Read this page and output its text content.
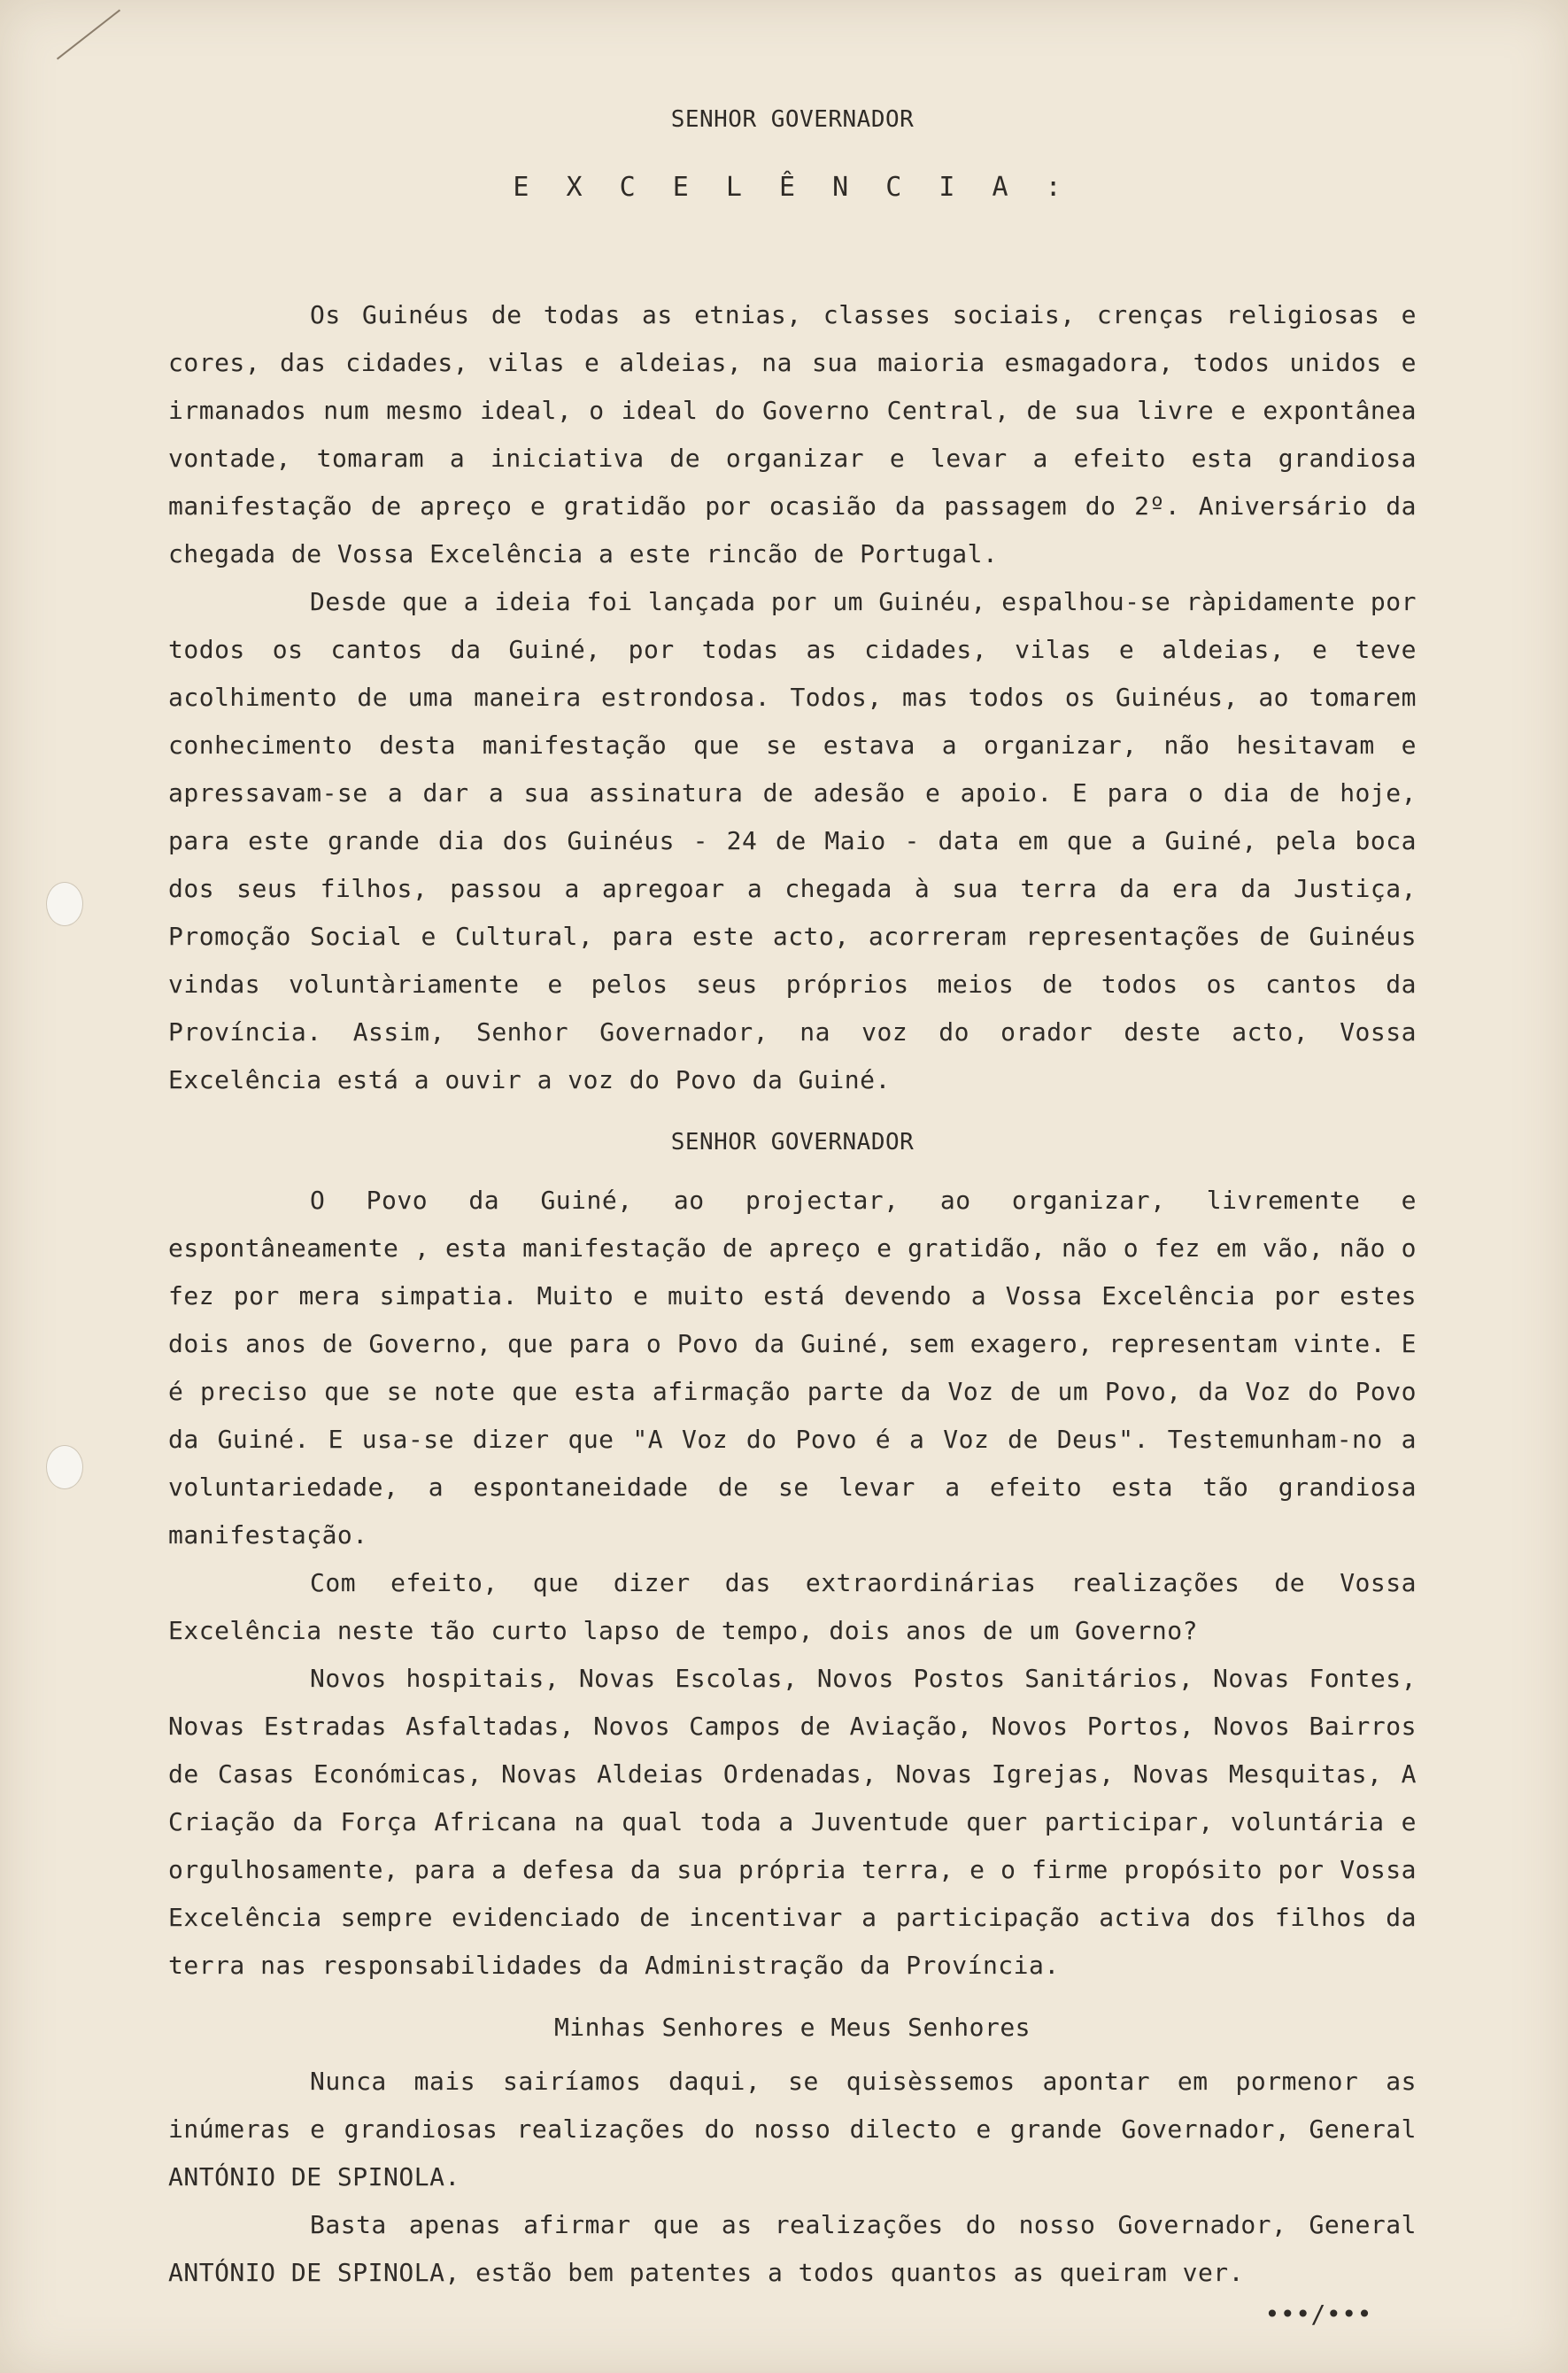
SENHOR GOVERNADOR

E X C E L Ê N C I A :

Os Guinéus de todas as etnias, classes sociais, crenças religiosas e cores, das cidades, vilas e aldeias, na sua maioria esmagadora, todos unidos e irmanados num mesmo ideal, o ideal do Governo Central, de sua livre e expontânea vontade, tomaram a iniciativa de organizar e levar a efeito esta grandiosa manifestação de apreço e gratidão por ocasião da passagem do 2º. Aniversário da chegada de Vossa Excelência a este rincão de Portugal.

Desde que a ideia foi lançada por um Guinéu, espalhou-se ràpidamente por todos os cantos da Guiné, por todas as cidades, vilas e aldeias, e teve acolhimento de uma maneira estrondosa. Todos, mas todos os Guinéus, ao tomarem conhecimento desta manifestação que se estava a organizar, não hesitavam e apressavam-se a dar a sua assinatura de adesão e apoio. E para o dia de hoje, para este grande dia dos Guinéus - 24 de Maio - data em que a Guiné, pela boca dos seus filhos, passou a apregoar a chegada à sua terra da era da Justiça, Promoção Social e Cultural, para este acto, acorreram representações de Guinéus vindas voluntàriamente e pelos seus próprios meios de todos os cantos da Província. Assim, Senhor Governador, na voz do orador deste acto, Vossa Excelência está a ouvir a voz do Povo da Guiné.

SENHOR GOVERNADOR

O Povo da Guiné, ao projectar, ao organizar, livremente e espontâneamente , esta manifestação de apreço e gratidão, não o fez em vão, não o fez por mera simpatia. Muito e muito está devendo a Vossa Excelência por estes dois anos de Governo, que para o Povo da Guiné, sem exagero, representam vinte. E é preciso que se note que esta afirmação parte da Voz de um Povo, da Voz do Povo da Guiné. E usa-se dizer que "A Voz do Povo é a Voz de Deus". Testemunham-no a voluntariedade, a espontaneidade de se levar a efeito esta tão grandiosa manifestação.

Com efeito, que dizer das extraordinárias realizações de Vossa Excelência neste tão curto lapso de tempo, dois anos de um Governo?

Novos hospitais, Novas Escolas, Novos Postos Sanitários, Novas Fontes, Novas Estradas Asfaltadas, Novos Campos de Aviação, Novos Portos, Novos Bairros de Casas Económicas, Novas Aldeias Ordenadas, Novas Igrejas, Novas Mesquitas, A Criação da Força Africana na qual toda a Juventude quer participar, voluntária e orgulhosamente, para a defesa da sua própria terra, e o firme propósito por Vossa Excelência sempre evidenciado de incentivar a participação activa dos filhos da terra nas responsabilidades da Administração da Província.

Minhas Senhores e Meus Senhores

Nunca mais sairíamos daqui, se quisèssemos apontar em pormenor as inúmeras e grandiosas realizações do nosso dilecto e grande Governador, General ANTÓNIO DE SPINOLA.

Basta apenas afirmar que as realizações do nosso Governador, General ANTÓNIO DE SPINOLA, estão bem patentes a todos quantos as queiram ver.

•••/•••
